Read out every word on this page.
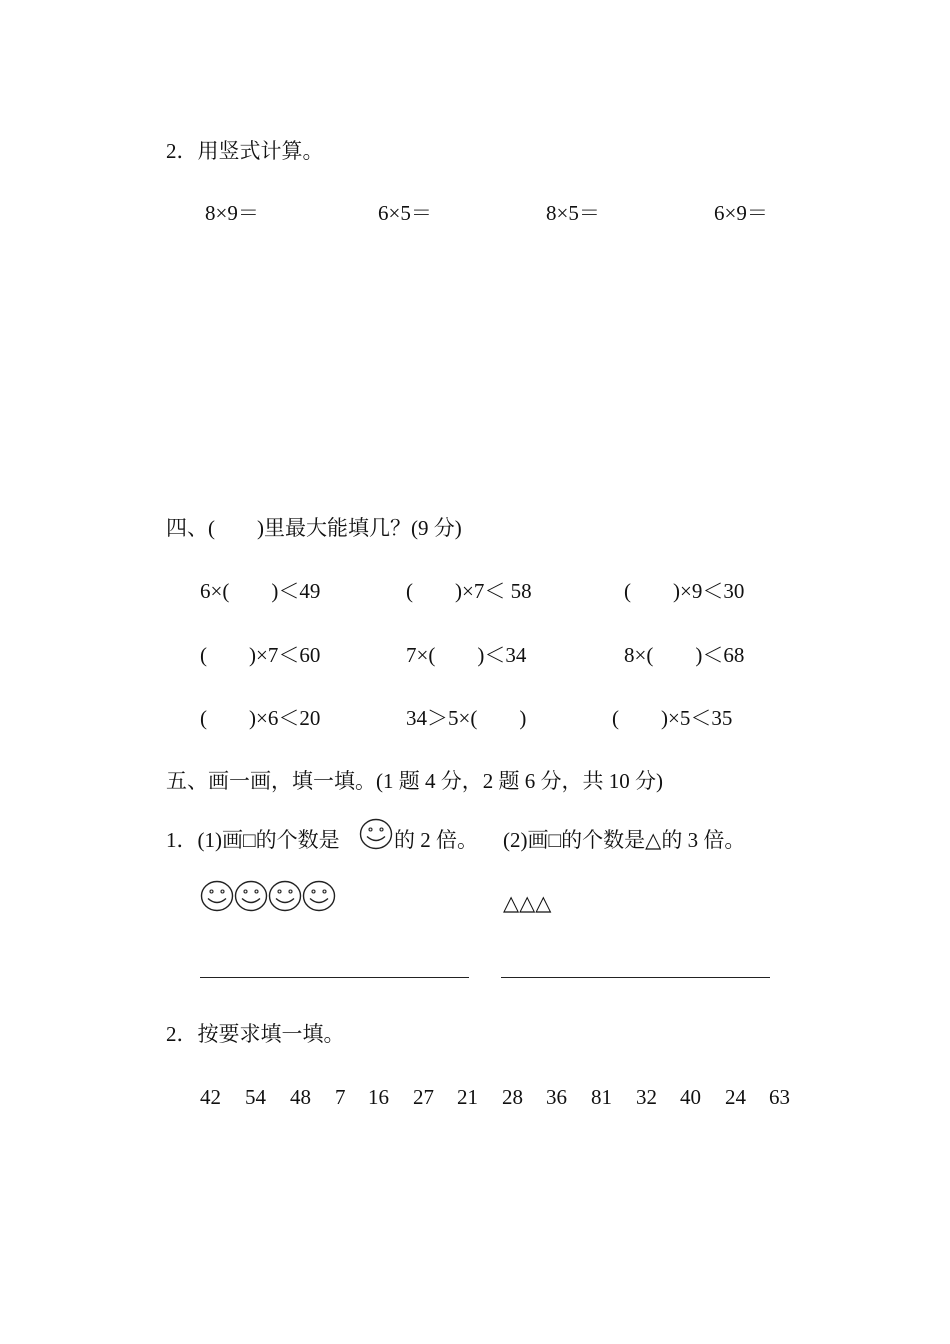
2．用竖式计算。
8×9＝	6×5＝	8×5＝	6×9＝
四、(　　)里最大能填几？(9 分)
6×(　　)＜49	(　　)×7＜ 58	(　　)×9＜30
(　　)×7＜60	7×(　　)＜34	8×(　　)＜68
(　　)×6＜20	34＞5×(　　)	(　　)×5＜35
五、画一画，填一填。(1 题 4 分，2 题 6 分，共 10 分)
1．(1)画□的个数是	的 2 倍。 (2)画□的个数是△的 3 倍。
△△△
2．按要求填一填。
42 54 48 7 16 27 21 28 36 81 32 40 24 63
